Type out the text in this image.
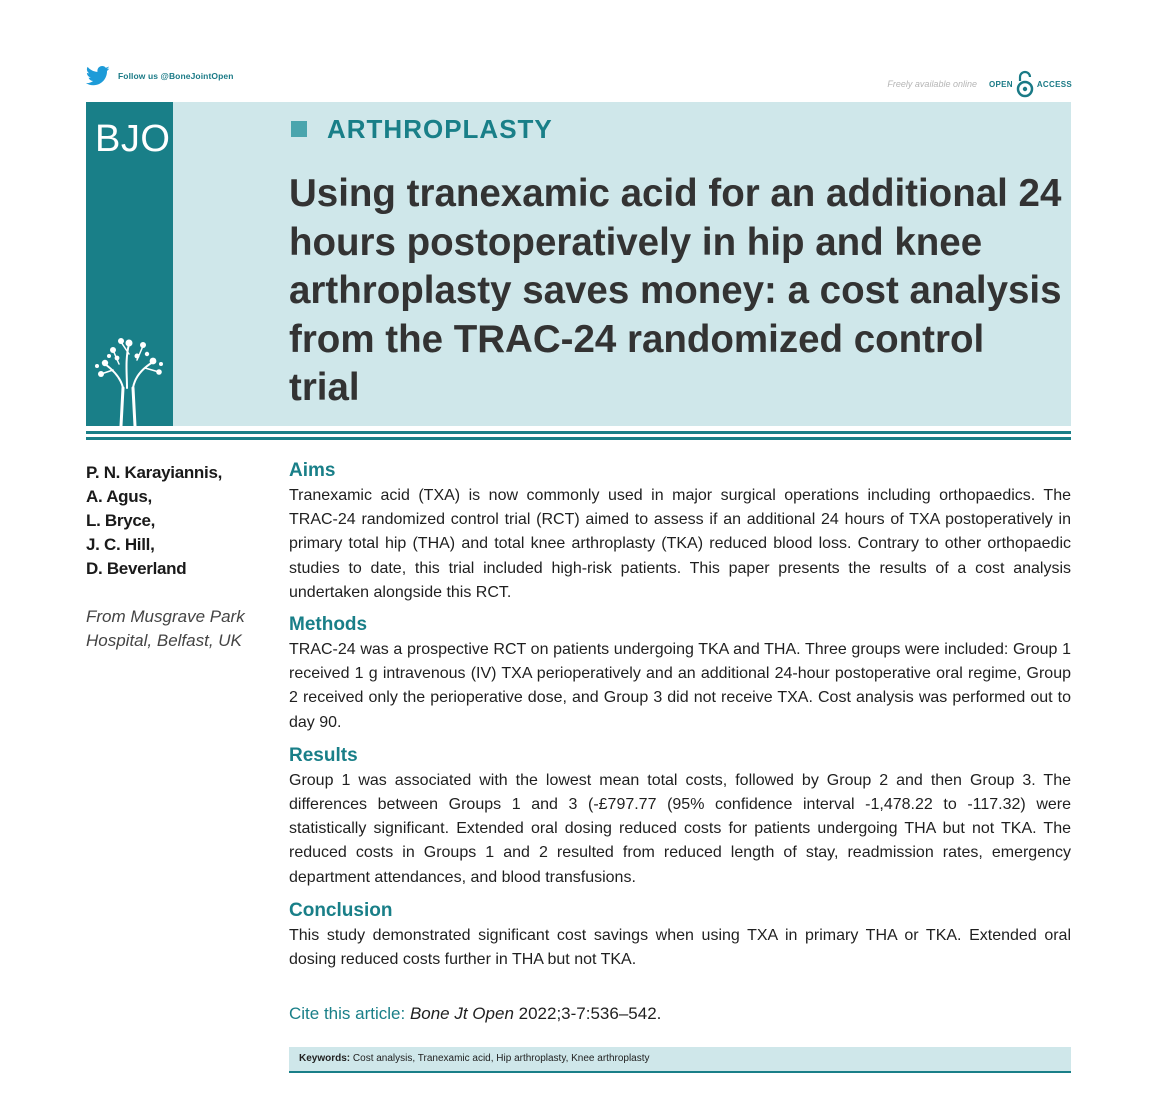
Follow us @BoneJointOpen
Freely available online OPEN	ACCESS
BJO	ARTHROPLASTY
Using tranexamic acid for an additional 24 hours postoperatively in hip and knee arthroplasty saves money: a cost analysis from the TRAC-24 randomized control trial
P. N. Karayiannis,
A. Agus,
L. Bryce,
J. C. Hill,
D. Beverland
From Musgrave Park Hospital, Belfast, UK
Aims

Tranexamic acid (TXA) is now commonly used in major surgical operations including orthopaedics. The TRAC-24 randomized control trial (RCT) aimed to assess if an additional 24 hours of TXA postoperatively in primary total hip (THA) and total knee arthroplasty (TKA) reduced blood loss. Contrary to other orthopaedic studies to date, this trial included high-risk patients. This paper presents the results of a cost analysis undertaken alongside this RCT.

Methods

TRAC-24 was a prospective RCT on patients undergoing TKA and THA. Three groups were included: Group 1 received 1 g intravenous (IV) TXA perioperatively and an additional 24-hour postoperative oral regime, Group 2 received only the perioperative dose, and Group 3 did not receive TXA. Cost analysis was performed out to day 90.

Results

Group 1 was associated with the lowest mean total costs, followed by Group 2 and then Group 3. The differences between Groups 1 and 3 (-£797.77 (95% confidence interval -1,478.22 to -117.32) were statistically significant. Extended oral dosing reduced costs for patients undergoing THA but not TKA. The reduced costs in Groups 1 and 2 resulted from reduced length of stay, readmission rates, emergency department attendances, and blood transfusions.

Conclusion

This study demonstrated significant cost savings when using TXA in primary THA or TKA. Extended oral dosing reduced costs further in THA but not TKA.

Cite this article: Bone Jt Open 2022;3-7:536–542.
Keywords: Cost analysis, Tranexamic acid, Hip arthroplasty, Knee arthroplasty
